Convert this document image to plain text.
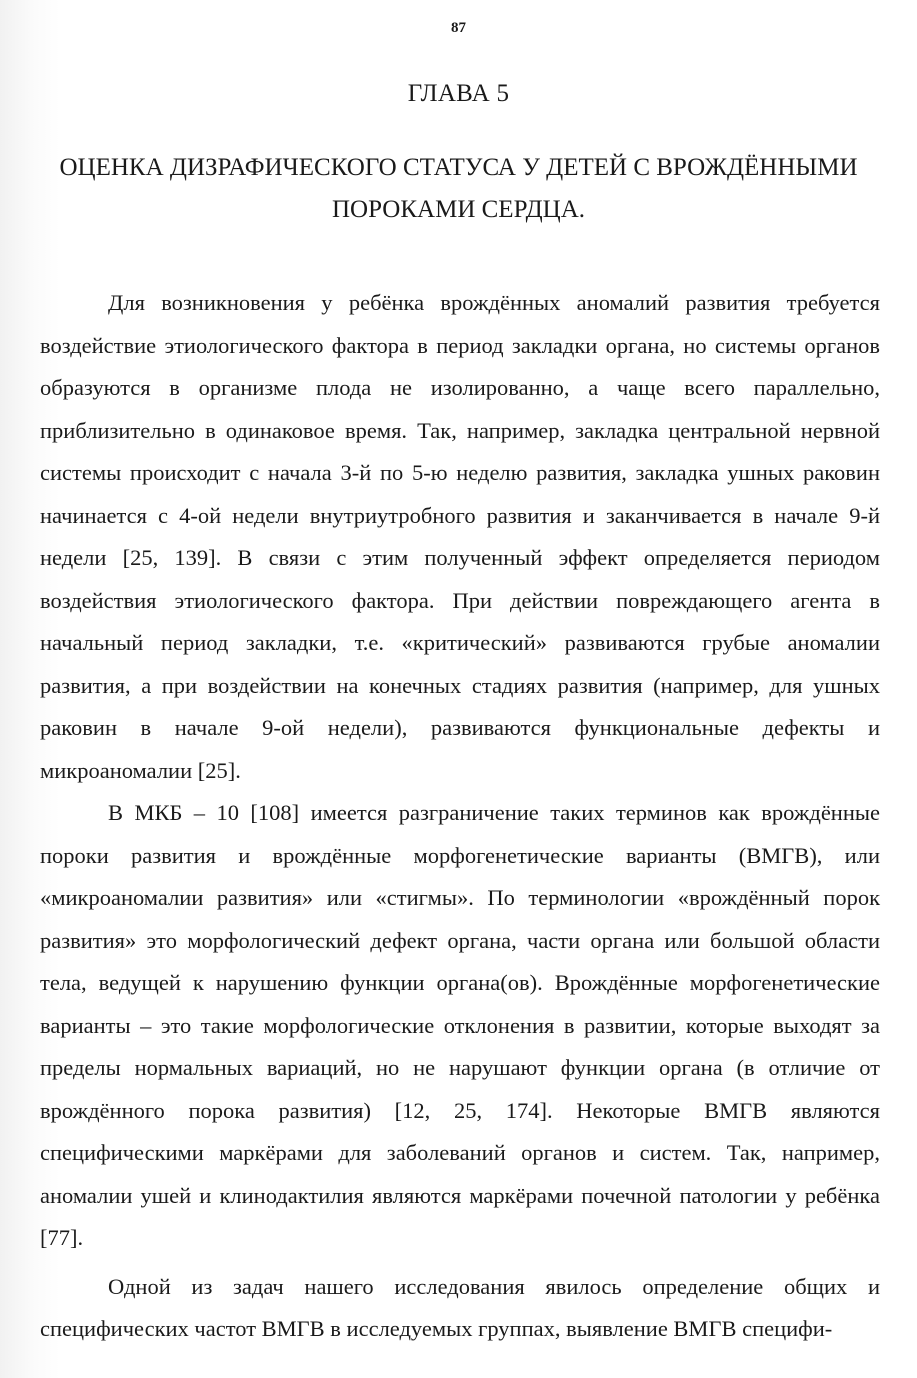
87
ГЛАВА 5
ОЦЕНКА ДИЗРАФИЧЕСКОГО СТАТУСА У ДЕТЕЙ С ВРОЖДЁННЫМИ
ПОРОКАМИ СЕРДЦА.

Для возникновения у ребёнка врождённых аномалий развития требуется воздействие этиологического фактора в период закладки органа, но системы органов образуются в организме плода не изолированно, а чаще всего параллельно, приблизительно в одинаковое время. Так, например, закладка центральной нервной системы происходит с начала 3-й по 5-ю неделю развития, закладка ушных раковин начинается с 4-ой недели внутриутробного развития и заканчивается в начале 9-й недели [25, 139]. В связи с этим полученный эффект определяется периодом воздействия этиологического фактора. При действии повреждающего агента в начальный период закладки, т.е. «критический» развиваются грубые аномалии развития, а при воздействии на конечных стадиях развития (например, для ушных раковин в начале 9-ой недели), развиваются функциональные дефекты и микроаномалии [25].

В МКБ – 10 [108] имеется разграничение таких терминов как врождённые пороки развития и врождённые морфогенетические варианты (ВМГВ), или «микроаномалии развития» или «стигмы». По терминологии «врождённый порок развития» это морфологический дефект органа, части органа или большой области тела, ведущей к нарушению функции органа(ов). Врождённые морфогенетические варианты – это такие морфологические отклонения в развитии, которые выходят за пределы нормальных вариаций, но не нарушают функции органа (в отличие от врождённого порока развития) [12, 25, 174]. Некоторые ВМГВ являются специфическими маркёрами для заболеваний органов и систем. Так, например, аномалии ушей и клинодактилия являются маркёрами почечной патологии у ребёнка [77].

Одной из задач нашего исследования явилось определение общих и специфических частот ВМГВ в исследуемых группах, выявление ВМГВ специфи-
